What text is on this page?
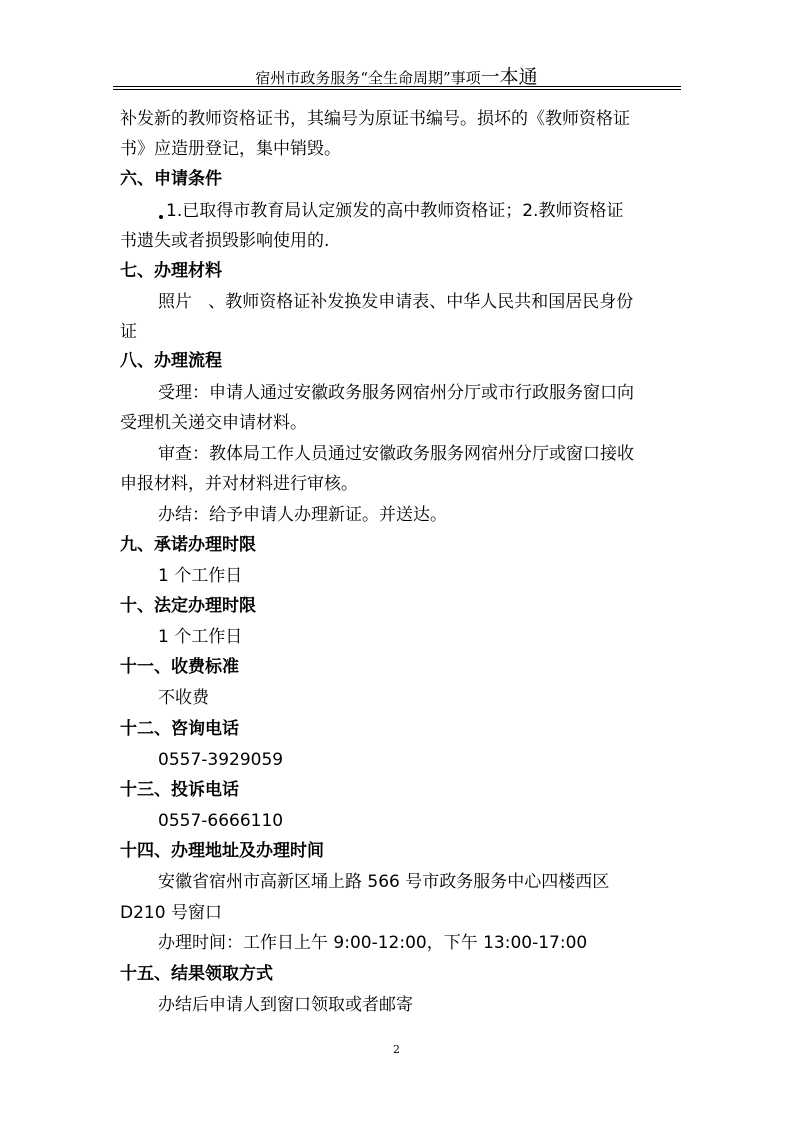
宿州市政务服务“全生命周期”事项一本通
补发新的教师资格证书，其编号为原证书编号。损坏的《教师资格证
书》应造册登记，集中销毁。
六、申请条件
1.已取得市教育局认定颁发的高中教师资格证；2.教师资格证
书遗失或者损毁影响使用的.
七、办理材料
照片   、教师资格证补发换发申请表、中华人民共和国居民身份
证
八、办理流程
受理：申请人通过安徽政务服务网宿州分厅或市行政服务窗口向
受理机关递交申请材料。
审查：教体局工作人员通过安徽政务服务网宿州分厅或窗口接收
申报材料，并对材料进行审核。
办结：给予申请人办理新证。并送达。
九、承诺办理时限
1 个工作日
十、法定办理时限
1 个工作日
十一、收费标准
不收费
十二、咨询电话
0557-3929059
十三、投诉电话
0557-6666110
十四、办理地址及办理时间
安徽省宿州市高新区埇上路 566 号市政务服务中心四楼西区
D210 号窗口
办理时间：工作日上午 9:00-12:00，下午 13:00-17:00
十五、结果领取方式
办结后申请人到窗口领取或者邮寄
2
